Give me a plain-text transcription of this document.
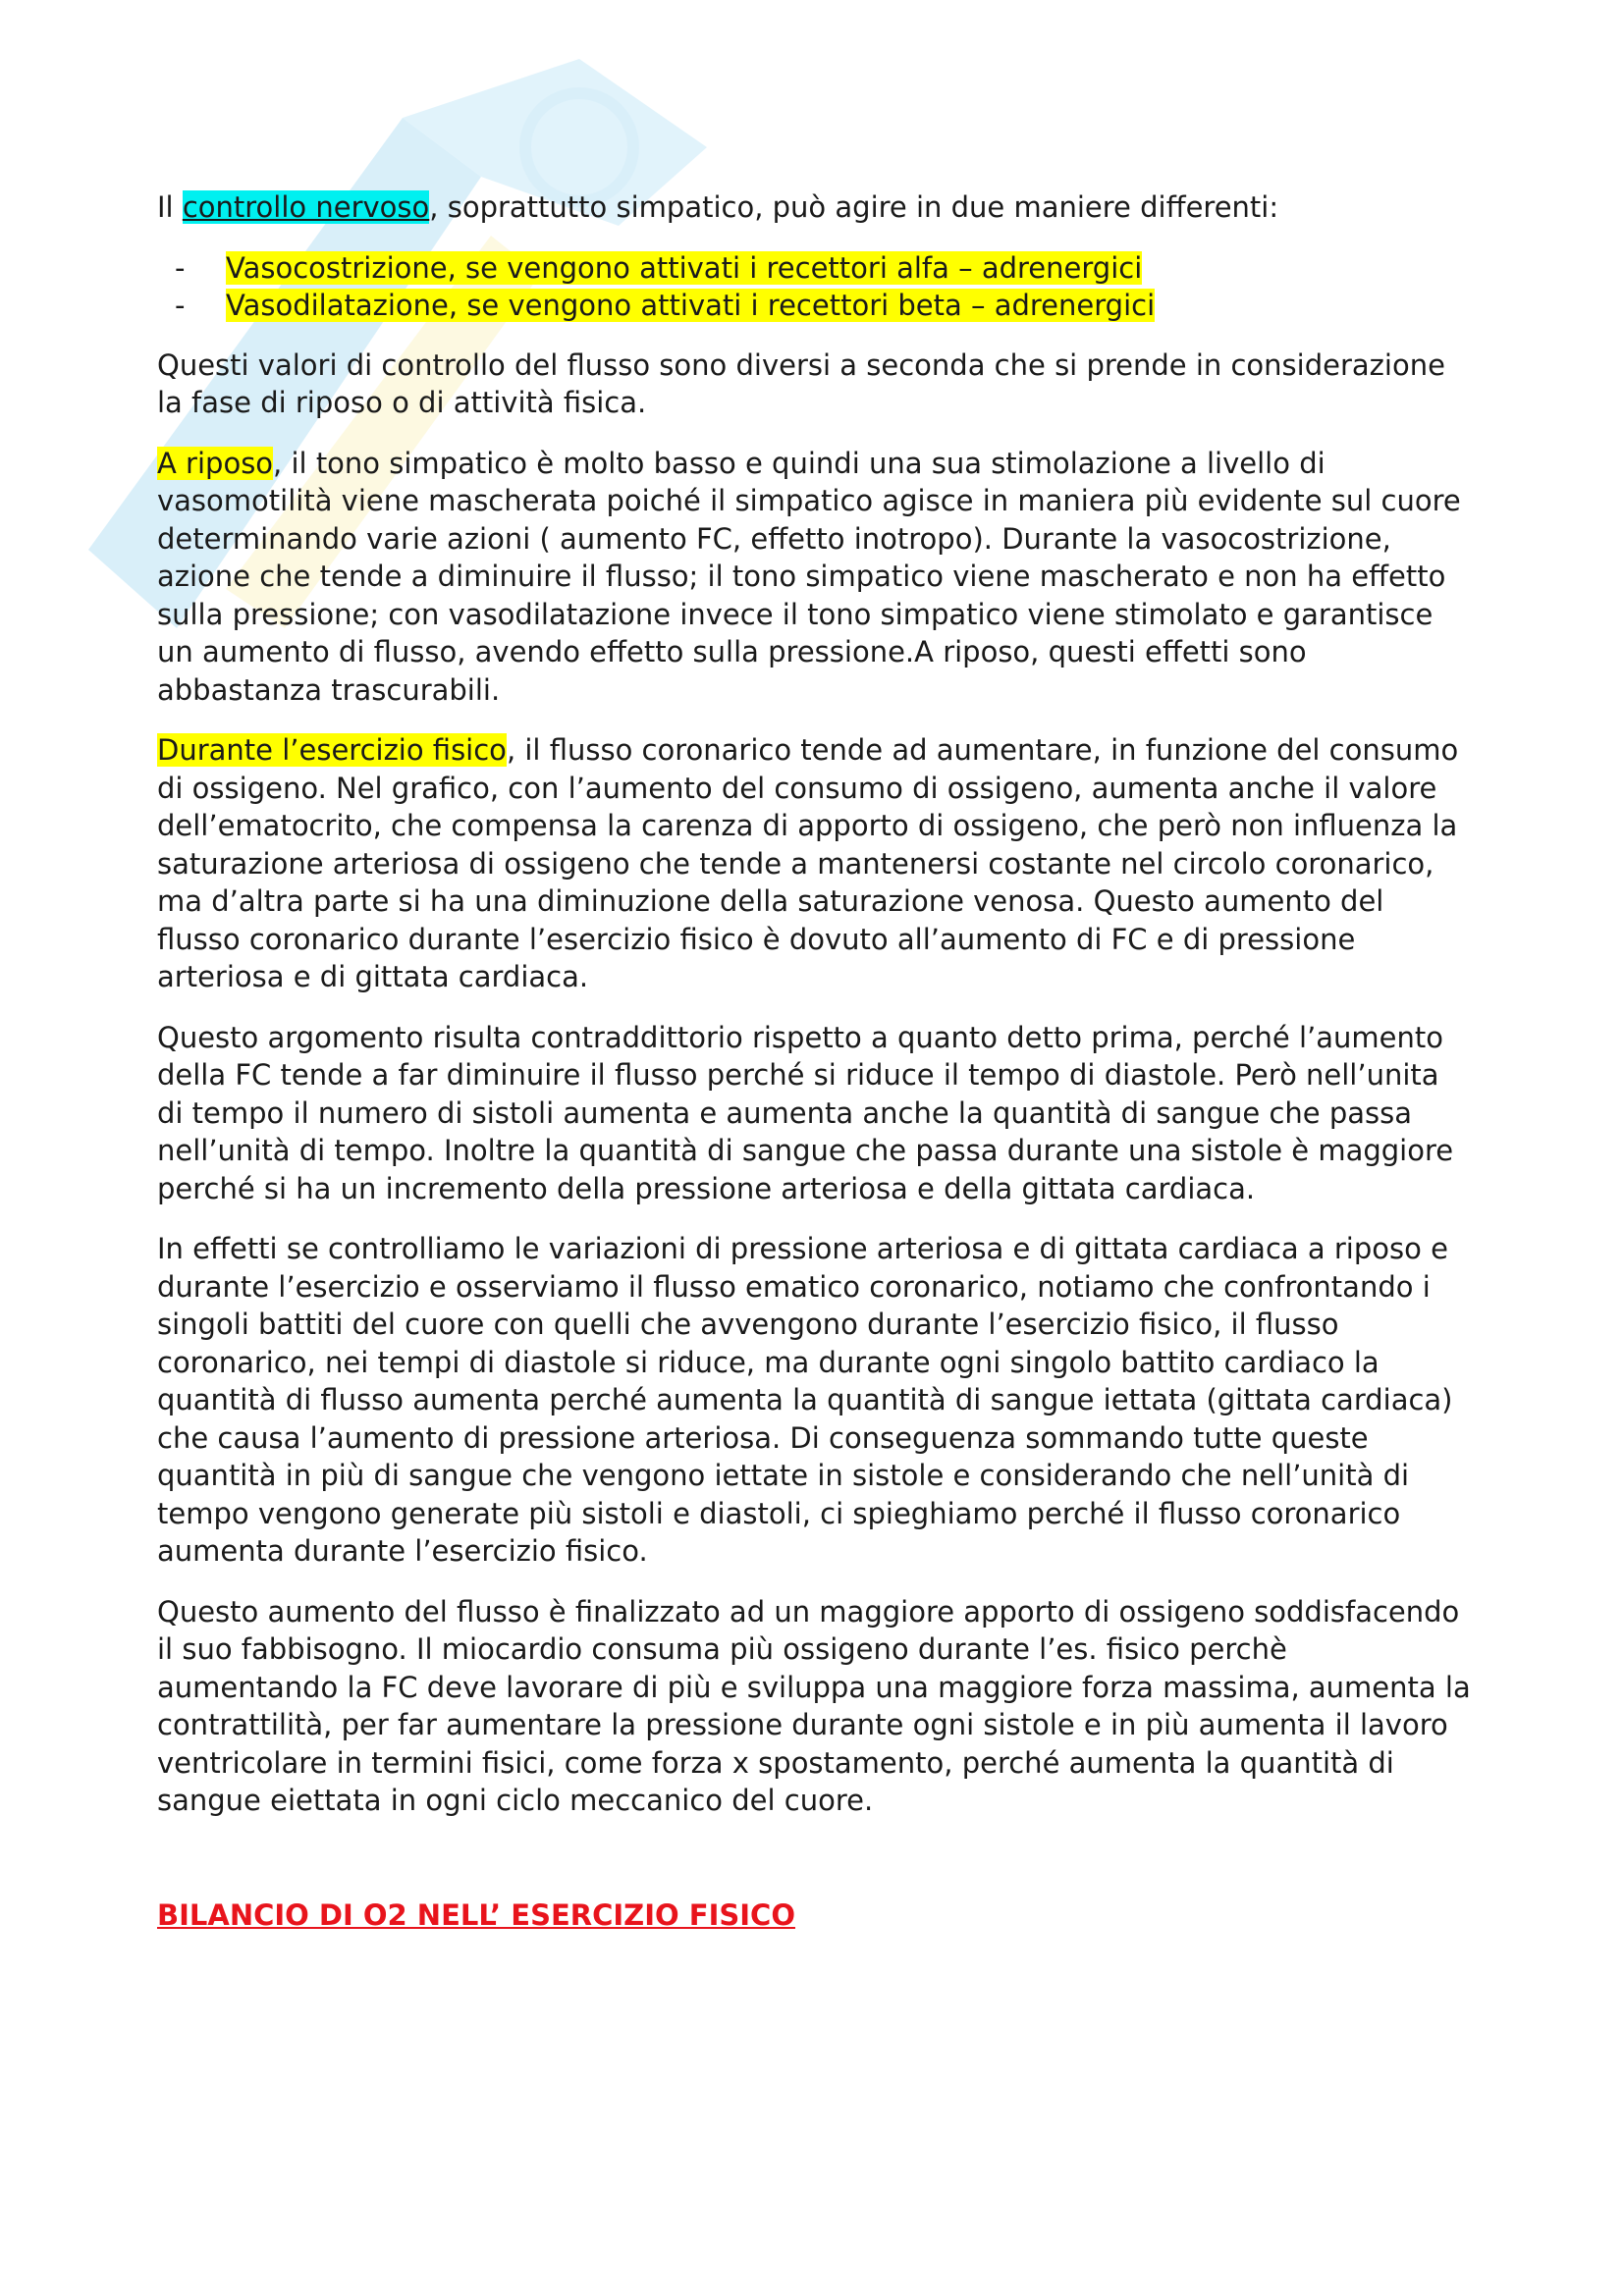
Il controllo nervoso, soprattutto simpatico, può agire in due maniere differenti:

- Vasocostrizione, se vengono attivati i recettori alfa – adrenergici
- Vasodilatazione, se vengono attivati i recettori beta – adrenergici

Questi valori di controllo del flusso sono diversi a seconda che si prende in considerazione la fase di riposo o di attività fisica.

A riposo, il tono simpatico è molto basso e quindi una sua stimolazione a livello di vasomotilità viene mascherata poiché il simpatico agisce in maniera più evidente sul cuore determinando varie azioni ( aumento FC, effetto inotropo). Durante la vasocostrizione, azione che tende a diminuire il flusso; il tono simpatico viene mascherato e non ha effetto sulla pressione; con vasodilatazione invece il tono simpatico viene stimolato e garantisce un aumento di flusso, avendo effetto sulla pressione.A riposo, questi effetti sono abbastanza trascurabili.

Durante l’esercizio fisico, il flusso coronarico tende ad aumentare, in funzione del consumo di ossigeno. Nel grafico, con l’aumento del consumo di ossigeno, aumenta anche il valore dell’ematocrito, che compensa la carenza di apporto di ossigeno, che però non influenza la saturazione arteriosa di ossigeno che tende a mantenersi costante nel circolo coronarico, ma d’altra parte si ha una diminuzione della saturazione venosa. Questo aumento del flusso coronarico durante l’esercizio fisico è dovuto all’aumento di FC e di pressione arteriosa e di gittata cardiaca.

Questo argomento risulta contraddittorio rispetto a quanto detto prima, perché l’aumento della FC tende a far diminuire il flusso perché si riduce il tempo di diastole. Però nell’unita di tempo il numero di sistoli aumenta e aumenta anche la quantità di sangue che passa nell’unità di tempo. Inoltre la quantità di sangue che passa durante una sistole è maggiore perché si ha un incremento della pressione arteriosa e della gittata cardiaca.

In effetti se controlliamo le variazioni di pressione arteriosa e di gittata cardiaca a riposo e durante l’esercizio e osserviamo il flusso ematico coronarico, notiamo che confrontando i singoli battiti del cuore con quelli che avvengono durante l’esercizio fisico, il flusso coronarico, nei tempi di diastole si riduce, ma durante ogni singolo battito cardiaco la quantità di flusso aumenta perché aumenta la quantità di sangue iettata (gittata cardiaca) che causa l’aumento di pressione arteriosa. Di conseguenza sommando tutte queste quantità in più di sangue che vengono iettate in sistole e considerando che nell’unità di tempo vengono generate più sistoli e diastoli, ci spieghiamo perché il flusso coronarico aumenta durante l’esercizio fisico.

Questo aumento del flusso è finalizzato ad un maggiore apporto di ossigeno soddisfacendo il suo fabbisogno. Il miocardio consuma più ossigeno durante l’es. fisico perchè aumentando la FC deve lavorare di più e sviluppa una maggiore forza massima, aumenta la contrattilità, per far aumentare la pressione durante ogni sistole e in più aumenta il lavoro ventricolare in termini fisici, come forza x spostamento, perché aumenta la quantità di sangue eiettata in ogni ciclo meccanico del cuore.

BILANCIO DI O2 NELL’ ESERCIZIO FISICO
